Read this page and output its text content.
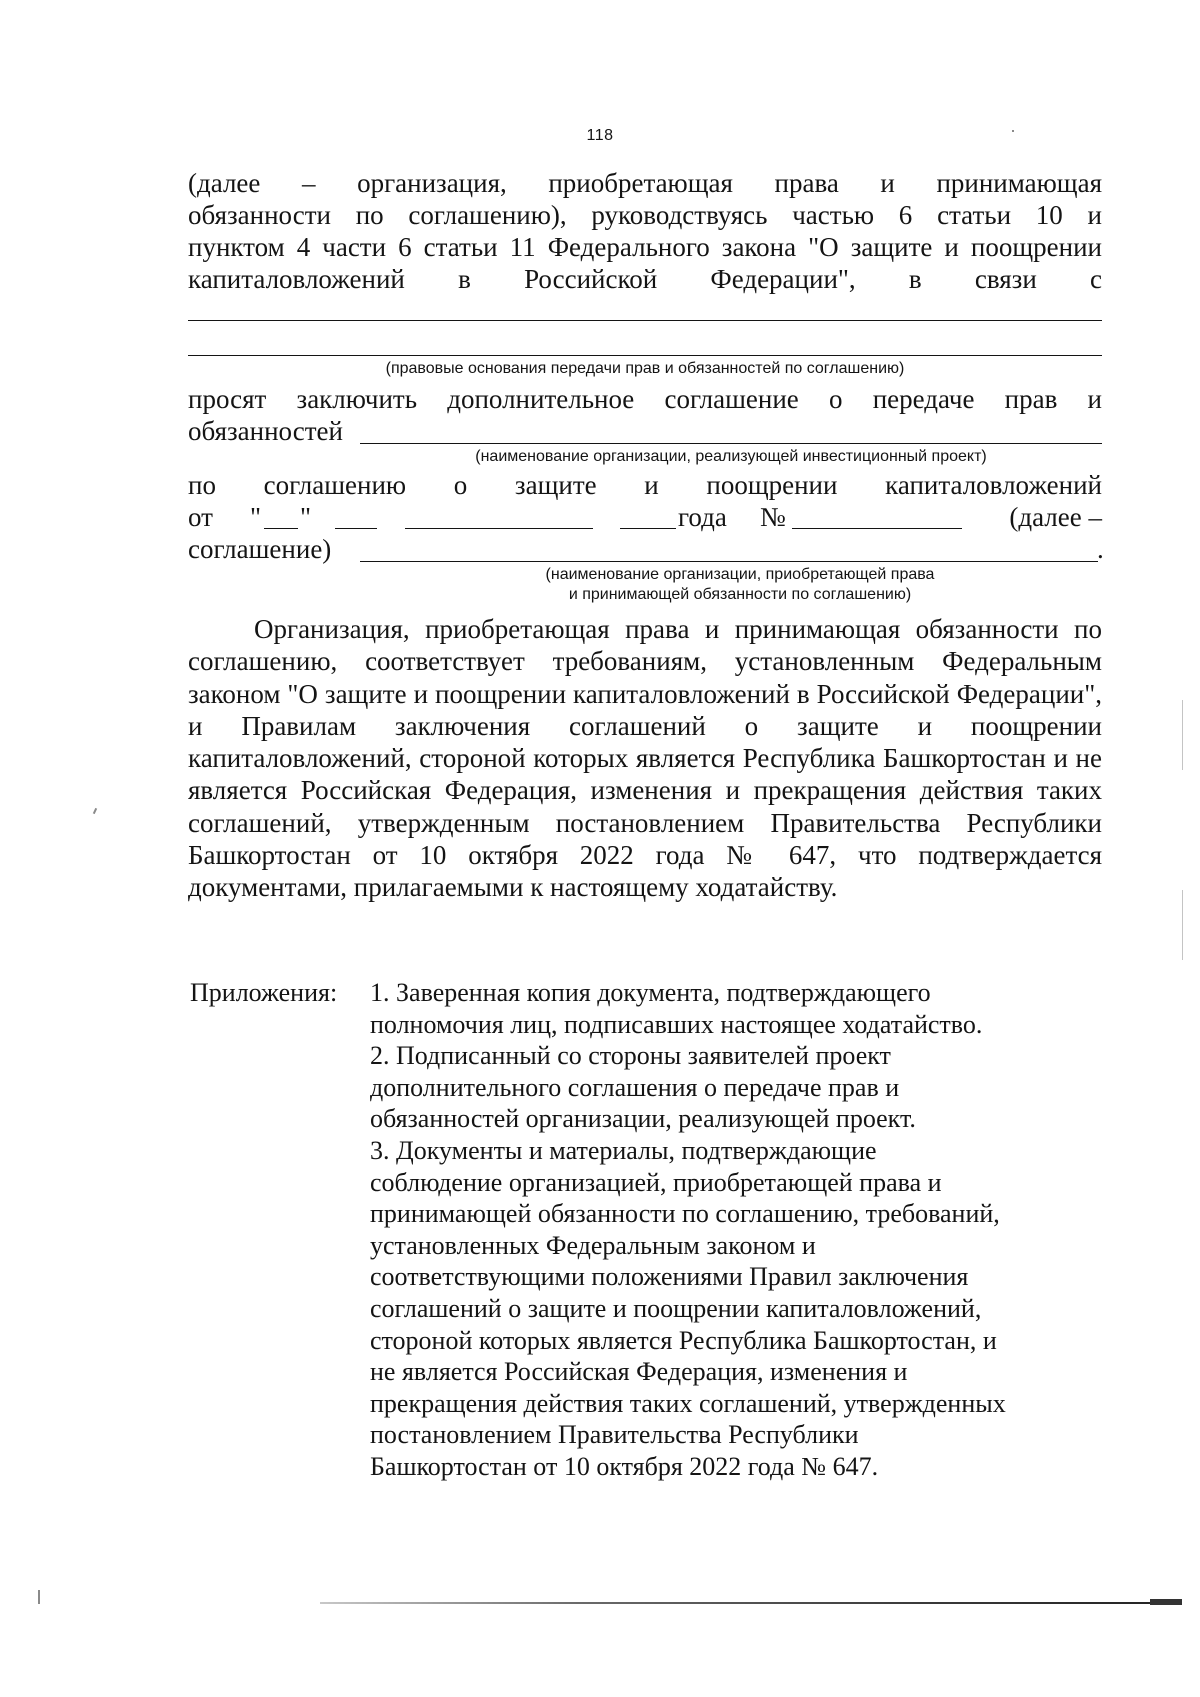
118
(далее – организация, приобретающая права и принимающая
обязанности по соглашению), руководствуясь частью 6 статьи 10 и
пунктом 4 части 6 статьи 11 Федерального закона "О защите и поощрении
капиталовложений в Российской Федерации", в связи с
(правовые основания передачи прав и обязанностей по соглашению)
просят заключить дополнительное соглашение о передаче прав и
обязанностей
(наименование организации, реализующей инвестиционный проект)
по соглашению о защите и поощрении капиталовложений
от " "	года №	(далее –
соглашение)	.
(наименование организации, приобретающей права
и принимающей обязанности по соглашению)
Организация, приобретающая права и принимающая обязанности по соглашению, соответствует требованиям, установленным Федеральным законом "О защите и поощрении капиталовложений в Российской Федерации", и Правилам заключения соглашений о защите и поощрении капиталовложений, стороной которых является Республика Башкортостан и не является Российская Федерация, изменения и прекращения действия таких соглашений, утвержденным постановлением Правительства Республики Башкортостан от 10 октября 2022 года № 647, что подтверждается документами, прилагаемыми к настоящему ходатайству.
Приложения: 1. Заверенная копия документа, подтверждающего
полномочия лиц, подписавших настоящее ходатайство.
2. Подписанный со стороны заявителей проект
дополнительного соглашения о передаче прав и
обязанностей организации, реализующей проект.
3. Документы и материалы, подтверждающие
соблюдение организацией, приобретающей права и
принимающей обязанности по соглашению, требований,
установленных Федеральным законом и
соответствующими положениями Правил заключения
соглашений о защите и поощрении капиталовложений,
стороной которых является Республика Башкортостан, и
не является Российская Федерация, изменения и
прекращения действия таких соглашений, утвержденных
постановлением Правительства Республики
Башкортостан от 10 октября 2022 года № 647.
